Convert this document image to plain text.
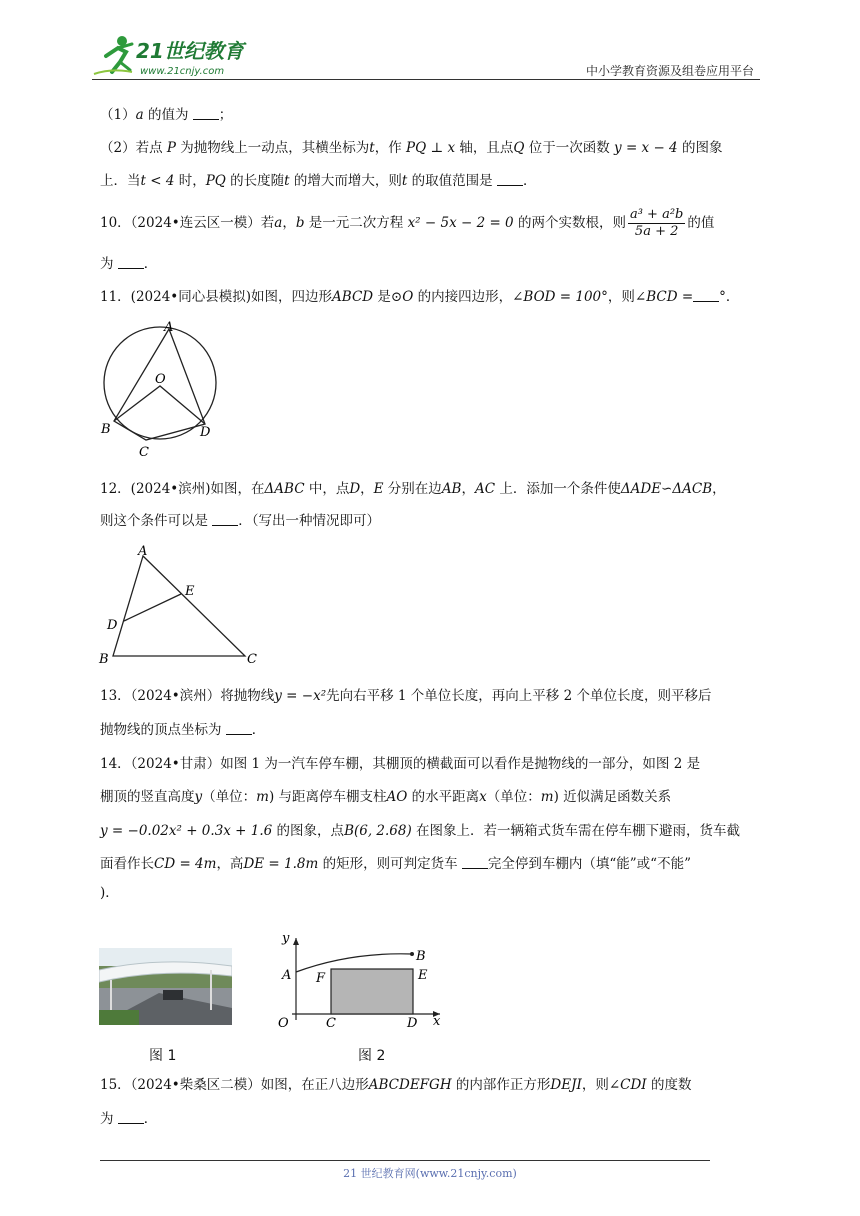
21世纪教育
www.21cnjy.com	中小学教育资源及组卷应用平台
（1）a 的值为 ；
（2）若点 P 为抛物线上一动点，其横坐标为t，作 PQ ⊥ x 轴，且点Q 位于一次函数 y = x − 4 的图象
上．当t < 4 时，PQ 的长度随t 的增大而增大，则t 的取值范围是 ．
10．（2024•连云区一模）若a，b 是一元二次方程 x² − 5x − 2 = 0 的两个实数根，则 $\frac{\text{a³ + a²b}}{5a + 2}$ 的值
为 ．
11．(2024•同心县模拟)如图，四边形ABCD 是⊙O 的内接四边形，∠BOD = 100°，则∠BCD = °．
A
O
B	D
C
12．(2024•滨州)如图，在ΔABC 中，点D，E 分别在边AB，AC 上．添加一个条件使ΔADE∽ΔACB，
则这个条件可以是 ．（写出一种情况即可）
A
E
D
B	C
13．（2024•滨州）将抛物线y = −x²先向右平移 1 个单位长度，再向上平移 2 个单位长度，则平移后
抛物线的顶点坐标为 ．
14．（2024•甘肃）如图 1 为一汽车停车棚，其棚顶的横截面可以看作是抛物线的一部分，如图 2 是
棚顶的竖直高度y（单位：m) 与距离停车棚支柱AO 的水平距离x（单位：m) 近似满足函数关系
y = −0.02x² + 0.3x + 1.6 的图象，点B(6, 2.68) 在图象上．若一辆箱式货车需在停车棚下避雨，货车截
面看作长CD = 4m，高DE = 1.8m 的矩形，则可判定货车 完全停到车棚内（填“能”或“不能”
)．
图 1
y
B
A F	E
O	C	D x
图 2
15．（2024•柴桑区二模）如图，在正八边形ABCDEFGH 的内部作正方形DEJI，则∠CDI 的度数
为 ．
21 世纪教育网(www.21cnjy.com)
